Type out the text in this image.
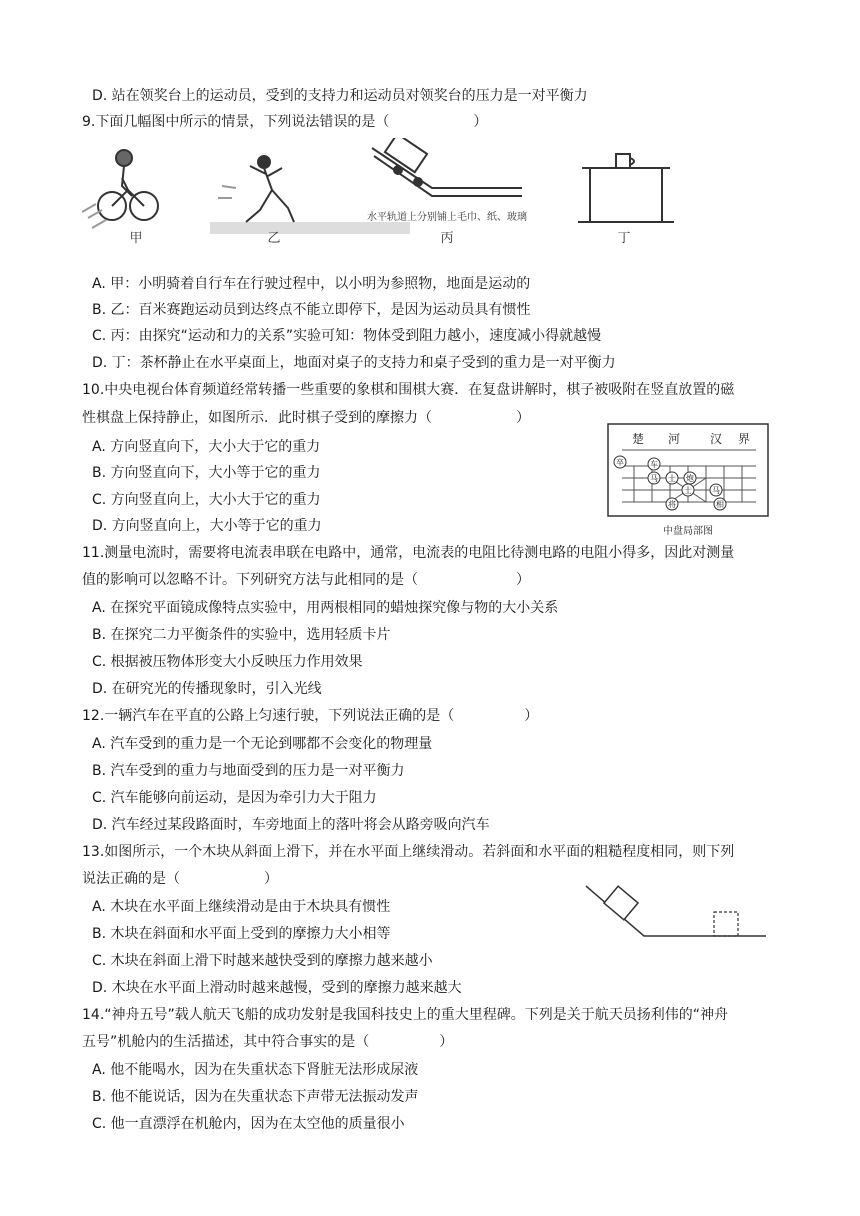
D. 站在领奖台上的运动员，受到的支持力和运动员对领奖台的压力是一对平衡力
9.下面几幅图中所示的情景，下列说法错误的是（　　　　　　）
水平轨道上分别铺上毛巾、纸、玻璃
甲	乙	丙	丁
A. 甲：小明骑着自行车在行驶过程中，以小明为参照物，地面是运动的
B. 乙：百米赛跑运动员到达终点不能立即停下，是因为运动员具有惯性
C. 丙：由探究“运动和力的关系”实验可知：物体受到阻力越小，速度减小得就越慢
D. 丁：茶杯静止在水平桌面上，地面对桌子的支持力和桌子受到的重力是一对平衡力
10.中央电视台体育频道经常转播一些重要的象棋和围棋大赛．在复盘讲解时，棋子被吸附在竖直放置的磁
性棋盘上保持静止，如图所示．此时棋子受到的摩擦力（　　　　　　）
A. 方向竖直向下，大小大于它的重力
B. 方向竖直向下，大小等于它的重力
C. 方向竖直向上，大小大于它的重力
D. 方向竖直向上，大小等于它的重力
楚 河 汉 界
卒	车
马 士 炮
士	马
将	相
中盘局部图
11.测量电流时，需要将电流表串联在电路中，通常，电流表的电阻比待测电路的电阻小得多，因此对测量
值的影响可以忽略不计。下列研究方法与此相同的是（　　　　　　　）
A. 在探究平面镜成像特点实验中，用两根相同的蜡烛探究像与物的大小关系
B. 在探究二力平衡条件的实验中，选用轻质卡片
C. 根据被压物体形变大小反映压力作用效果
D. 在研究光的传播现象时，引入光线
12.一辆汽车在平直的公路上匀速行驶，下列说法正确的是（　　　　　）
A. 汽车受到的重力是一个无论到哪都不会变化的物理量
B. 汽车受到的重力与地面受到的压力是一对平衡力
C. 汽车能够向前运动，是因为牵引力大于阻力
D. 汽车经过某段路面时，车旁地面上的落叶将会从路旁吸向汽车
13.如图所示，一个木块从斜面上滑下，并在水平面上继续滑动。若斜面和水平面的粗糙程度相同，则下列
说法正确的是（　　　　　　）
A. 木块在水平面上继续滑动是由于木块具有惯性
B. 木块在斜面和水平面上受到的摩擦力大小相等
C. 木块在斜面上滑下时越来越快受到的摩擦力越来越小
D. 木块在水平面上滑动时越来越慢，受到的摩擦力越来越大
14.“神舟五号”载人航天飞船的成功发射是我国科技史上的重大里程碑。下列是关于航天员扬利伟的“神舟
五号”机舱内的生活描述，其中符合事实的是（　　　　　）
A. 他不能喝水，因为在失重状态下肾脏无法形成尿液
B. 他不能说话，因为在失重状态下声带无法振动发声
C. 他一直漂浮在机舱内，因为在太空他的质量很小
